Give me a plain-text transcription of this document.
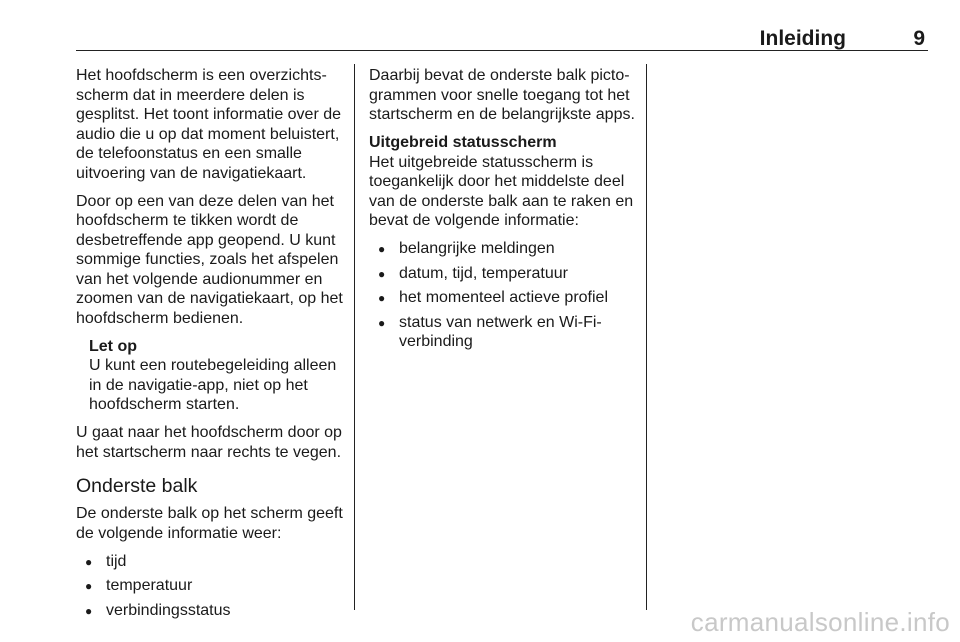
Inleiding	9

Het hoofdscherm is een overzichtsscherm dat in meerdere delen is gesplitst. Het toont informatie over de audio die u op dat moment beluistert, de telefoonstatus en een smalle uitvoering van de navigatiekaart.

Door op een van deze delen van het hoofdscherm te tikken wordt de desbetreffende app geopend. U kunt sommige functies, zoals het afspelen van het volgende audionummer en zoomen van de navigatiekaart, op het hoofdscherm bedienen.

Let op
U kunt een routebegeleiding alleen in de navigatie-app, niet op het hoofdscherm starten.

U gaat naar het hoofdscherm door op het startscherm naar rechts te vegen.

Onderste balk

De onderste balk op het scherm geeft de volgende informatie weer:

● tijd
● temperatuur
● verbindingsstatus

Daarbij bevat de onderste balk pictogrammen voor snelle toegang tot het startscherm en de belangrijkste apps.

Uitgebreid statusscherm

Het uitgebreide statusscherm is toegankelijk door het middelste deel van de onderste balk aan te raken en bevat de volgende informatie:

● belangrijke meldingen
● datum, tijd, temperatuur
● het momenteel actieve profiel
● status van netwerk en Wi-Fi-verbinding
carmanualsonline.info
